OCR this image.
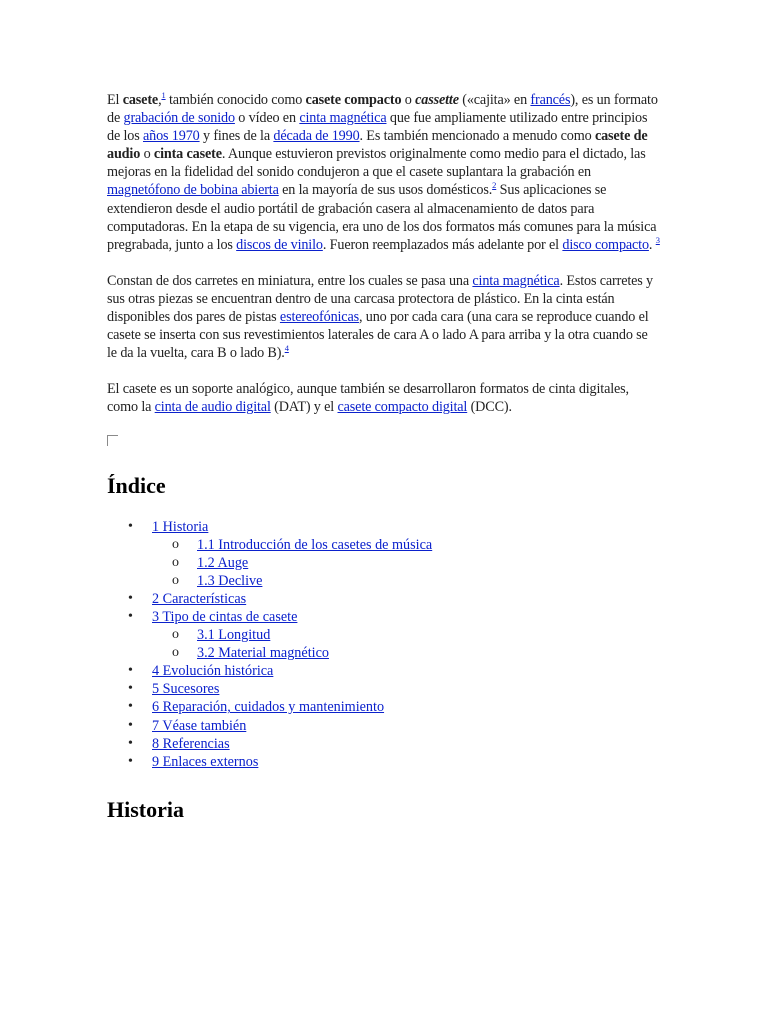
El casete,$^1$ también conocido como casete compacto o cassette («cajita» en francés), es un formato de grabación de sonido o vídeo en cinta magnética que fue ampliamente utilizado entre principios de los años 1970 y fines de la década de 1990. Es también mencionado a menudo como casete de audio o cinta casete. Aunque estuvieron previstos originalmente como medio para el dictado, las mejoras en la fidelidad del sonido condujeron a que el casete suplantara la grabación en magnetófono de bobina abierta en la mayoría de sus usos domésticos.$^2$ Sus aplicaciones se extendieron desde el audio portátil de grabación casera al almacenamiento de datos para computadoras. En la etapa de su vigencia, era uno de los dos formatos más comunes para la música pregrabada, junto a los discos de vinilo. Fueron reemplazados más adelante por el disco compacto. $^3$

Constan de dos carretes en miniatura, entre los cuales se pasa una cinta magnética. Estos carretes y sus otras piezas se encuentran dentro de una carcasa protectora de plástico. En la cinta están disponibles dos pares de pistas estereofónicas, uno por cada cara (una cara se reproduce cuando el casete se inserta con sus revestimientos laterales de cara A o lado A para arriba y la otra cuando se le da la vuelta, cara B o lado B).$^4$

El casete es un soporte analógico, aunque también se desarrollaron formatos de cinta digitales, como la cinta de audio digital (DAT) y el casete compacto digital (DCC).

Índice
• 1 Historia
o 1.1 Introducción de los casetes de música
o 1.2 Auge
o 1.3 Declive
• 2 Características
• 3 Tipo de cintas de casete
o 3.1 Longitud
o 3.2 Material magnético
• 4 Evolución histórica
• 5 Sucesores
• 6 Reparación, cuidados y mantenimiento
• 7 Véase también
• 8 Referencias
• 9 Enlaces externos
Historia
